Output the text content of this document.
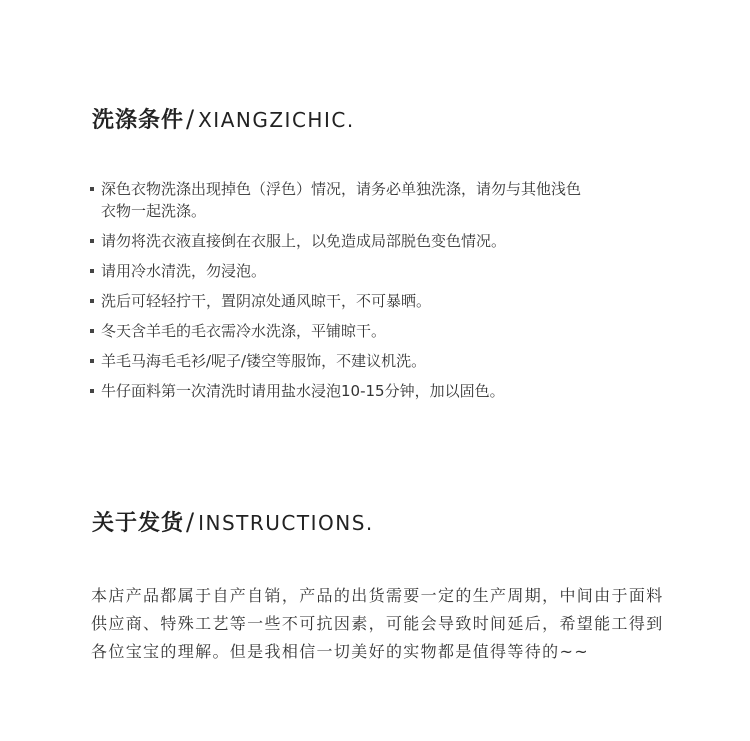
洗涤条件 / XIANGZICHIC.
深色衣物洗涤出现掉色（浮色）情况，请务必单独洗涤，请勿与其他浅色衣物一起洗涤。
请勿将洗衣液直接倒在衣服上，以免造成局部脱色变色情况。
请用冷水清洗，勿浸泡。
洗后可轻轻拧干，置阴凉处通风晾干，不可暴晒。
冬天含羊毛的毛衣需冷水洗涤，平铺晾干。
羊毛马海毛毛衫/呢子/镂空等服饰，不建议机洗。
牛仔面料第一次清洗时请用盐水浸泡10-15分钟，加以固色。
关于发货 / INSTRUCTIONS.

本店产品都属于自产自销，产品的出货需要一定的生产周期，中间由于面料供应商、特殊工艺等一些不可抗因素，可能会导致时间延后，希望能工得到各位宝宝的理解。但是我相信一切美好的实物都是值得等待的~~
